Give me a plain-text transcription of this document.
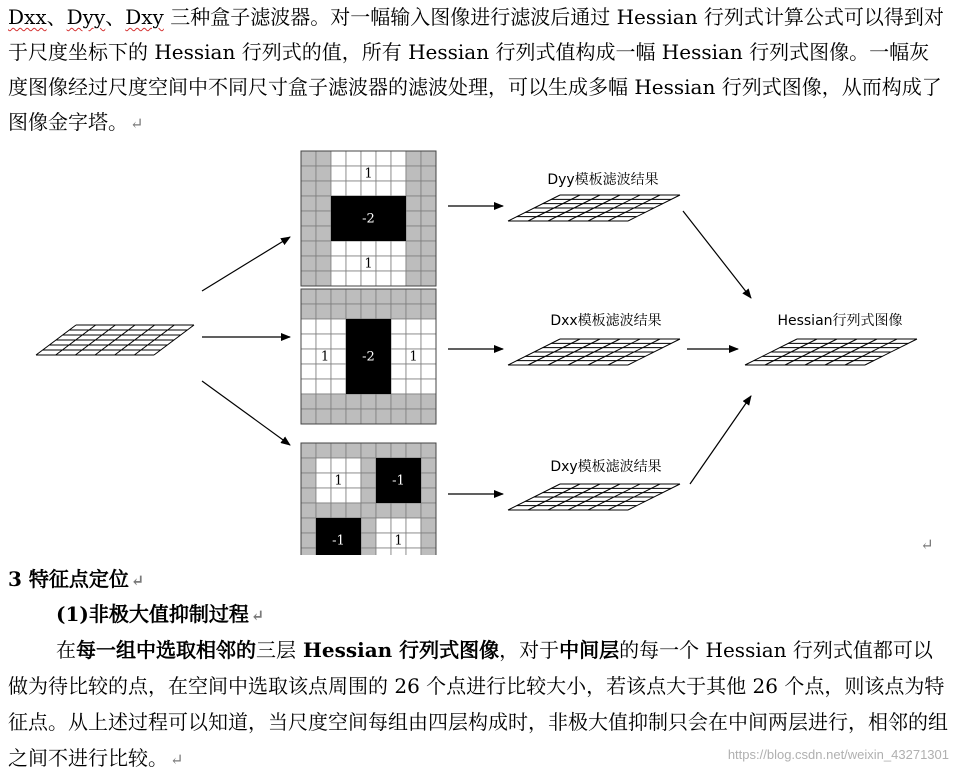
Dxx、Dyy、Dxy 三种盒子滤波器。对一幅输入图像进行滤波后通过 Hessian 行列式计算公式可以得到对于尺度坐标下的 Hessian 行列式的值，所有 Hessian 行列式值构成一幅 Hessian 行列式图像。一幅灰度图像经过尺度空间中不同尺寸盒子滤波器的滤波处理，可以生成多幅 Hessian 行列式图像，从而构成了图像金字塔。 ↵
1
-2
1
1	-2	1
1	-1
-1	1
Dyy模板滤波结果
Dxx模板滤波结果
Dxy模板滤波结果
Hessian行列式图像
↵
3 特征点定位 ↵
(1)非极大值抑制过程 ↵
在每一组中选取相邻的三层 Hessian 行列式图像，对于中间层的每一个 Hessian 行列式值都可以做为待比较的点，在空间中选取该点周围的 26 个点进行比较大小，若该点大于其他 26 个点，则该点为特征点。从上述过程可以知道，当尺度空间每组由四层构成时，非极大值抑制只会在中间两层进行，相邻的组之间不进行比较。 ↵	https://blog.csdn.net/weixin_43271301
